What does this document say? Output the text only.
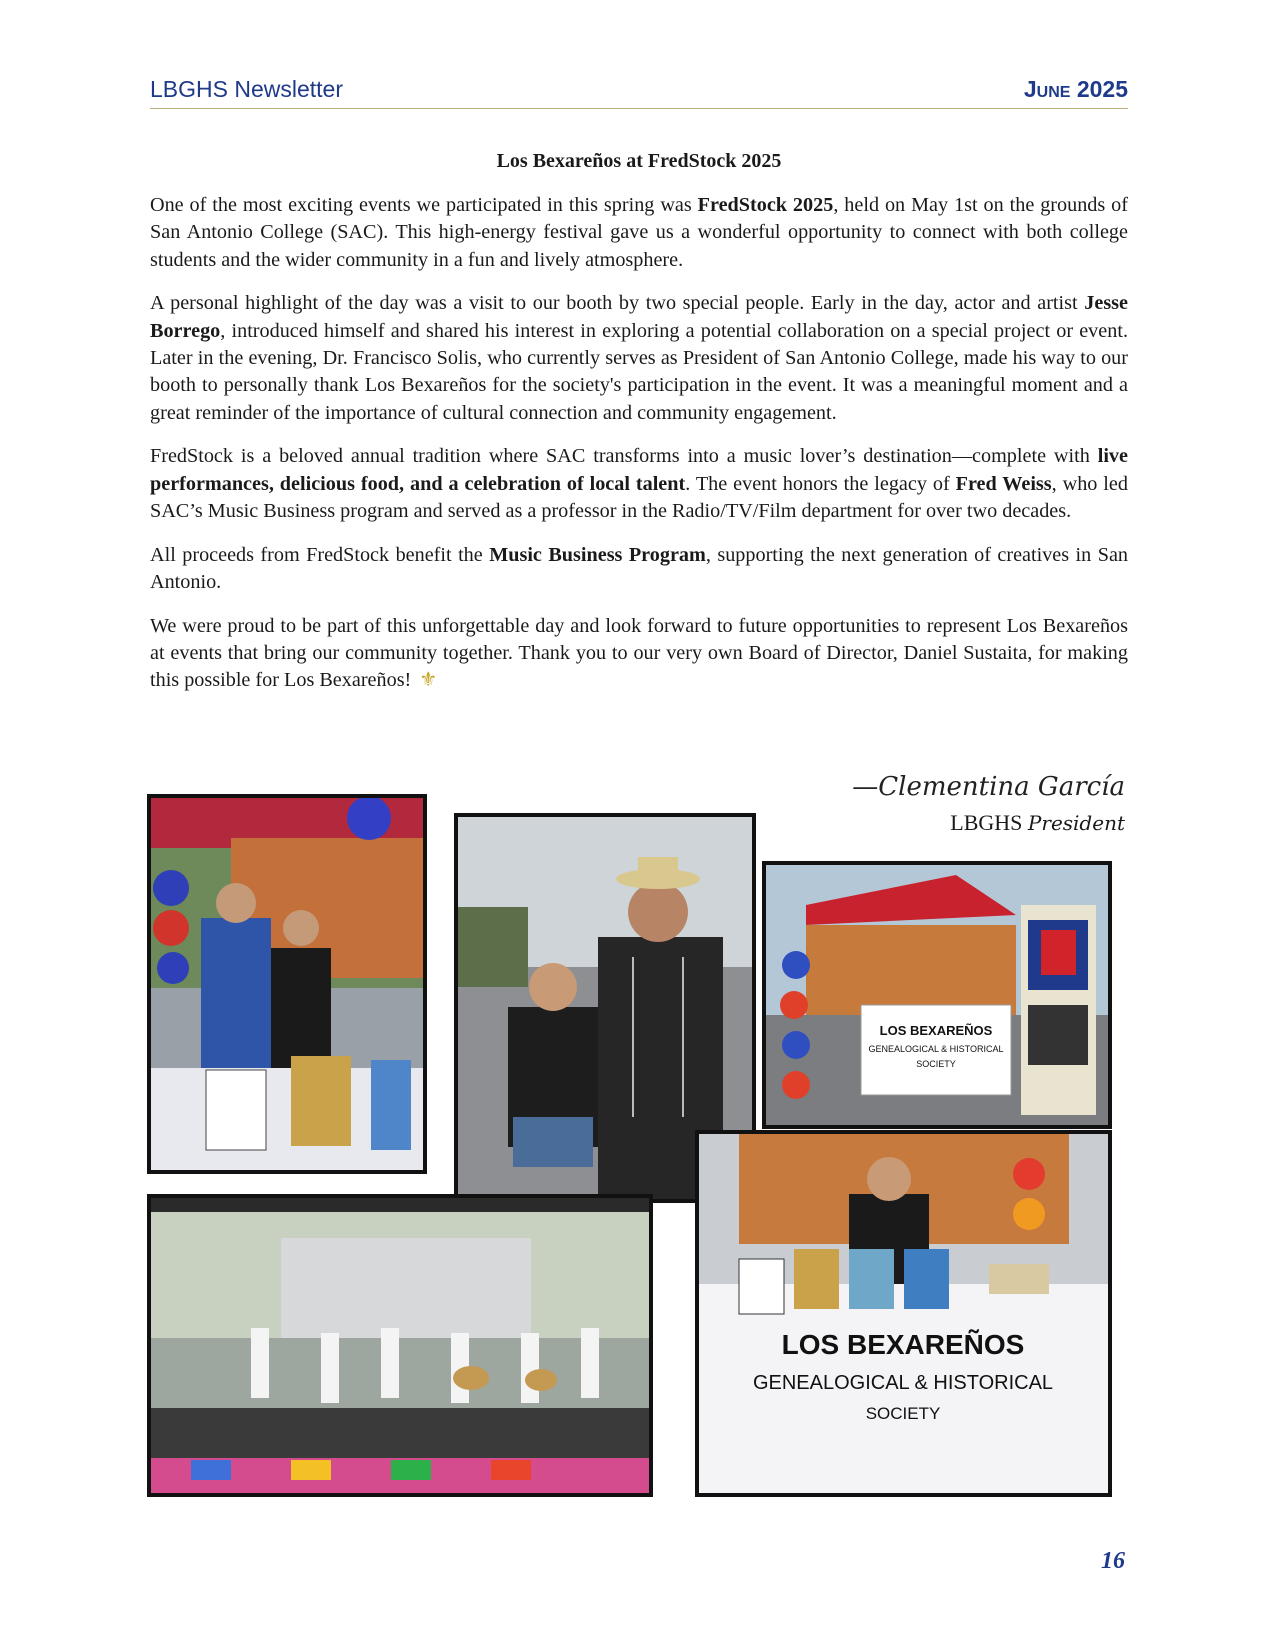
LBGHS Newsletter	June 2025
Los Bexareños at FredStock 2025

One of the most exciting events we participated in this spring was FredStock 2025, held on May 1st on the grounds of San Antonio College (SAC). This high-energy festival gave us a wonderful opportunity to connect with both college students and the wider community in a fun and lively atmosphere.

A personal highlight of the day was a visit to our booth by two special people. Early in the day, actor and artist Jesse Borrego, introduced himself and shared his interest in exploring a potential collaboration on a special project or event. Later in the evening, Dr. Francisco Solis, who currently serves as President of San Antonio College, made his way to our booth to personally thank Los Bexareños for the society's participation in the event. It was a meaningful moment and a great reminder of the importance of cultural connection and community engagement.

FredStock is a beloved annual tradition where SAC transforms into a music lover’s destination—complete with live performances, delicious food, and a celebration of local talent. The event honors the legacy of Fred Weiss, who led SAC’s Music Business program and served as a professor in the Radio/TV/Film department for over two decades.

All proceeds from FredStock benefit the Music Business Program, supporting the next generation of creatives in San Antonio.

We were proud to be part of this unforgettable day and look forward to future opportunities to represent Los Bexareños at events that bring our community together. Thank you to our very own Board of Director, Daniel Sustaita, for making this possible for Los Bexareños! ⚜

—Clementina García
LBGHS President
LOS BEXAREÑOS
GENEALOGICAL & HISTORICAL
SOCIETY
LOS BEXAREÑOS
GENEALOGICAL & HISTORICAL
SOCIETY
16
